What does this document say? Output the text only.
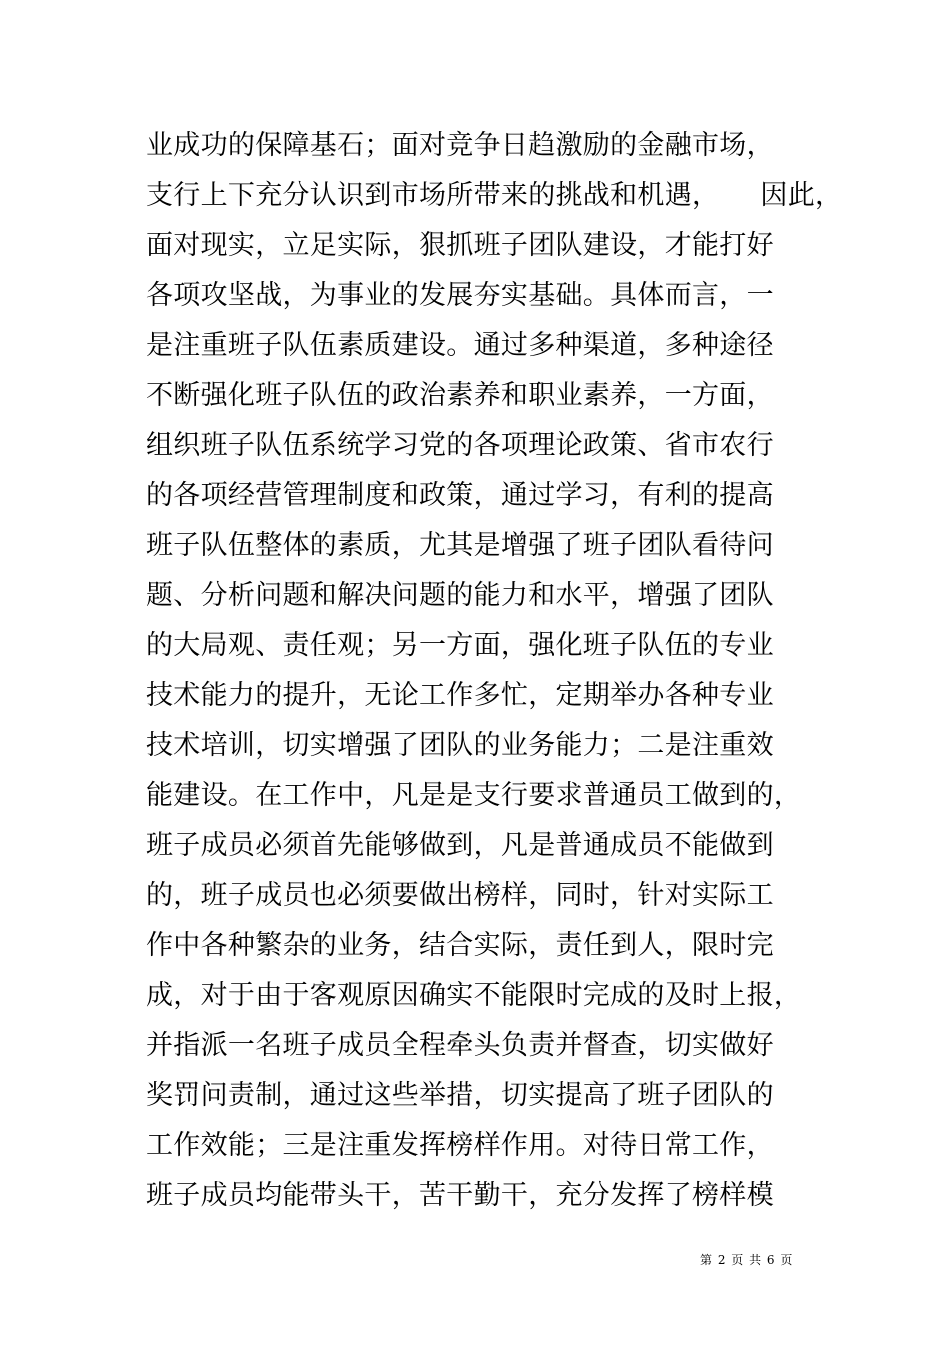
业成功的保障基石；面对竞争日趋激励的金融市场，
支行上下充分认识到市场所带来的挑战和机遇，　　因此，
面对现实，立足实际，狠抓班子团队建设，才能打好
各项攻坚战，为事业的发展夯实基础。具体而言，一
是注重班子队伍素质建设。通过多种渠道，多种途径
不断强化班子队伍的政治素养和职业素养，一方面，
组织班子队伍系统学习党的各项理论政策、省市农行
的各项经营管理制度和政策，通过学习，有利的提高
班子队伍整体的素质，尤其是增强了班子团队看待问
题、分析问题和解决问题的能力和水平，增强了团队
的大局观、责任观；另一方面，强化班子队伍的专业
技术能力的提升，无论工作多忙，定期举办各种专业
技术培训，切实增强了团队的业务能力；二是注重效
能建设。在工作中，凡是是支行要求普通员工做到的，
班子成员必须首先能够做到，凡是普通成员不能做到
的，班子成员也必须要做出榜样，同时，针对实际工
作中各种繁杂的业务，结合实际，责任到人，限时完
成，对于由于客观原因确实不能限时完成的及时上报，
并指派一名班子成员全程牵头负责并督查，切实做好
奖罚问责制，通过这些举措，切实提高了班子团队的
工作效能；三是注重发挥榜样作用。对待日常工作，
班子成员均能带头干，苦干勤干，充分发挥了榜样模
第 2 页 共 6 页
